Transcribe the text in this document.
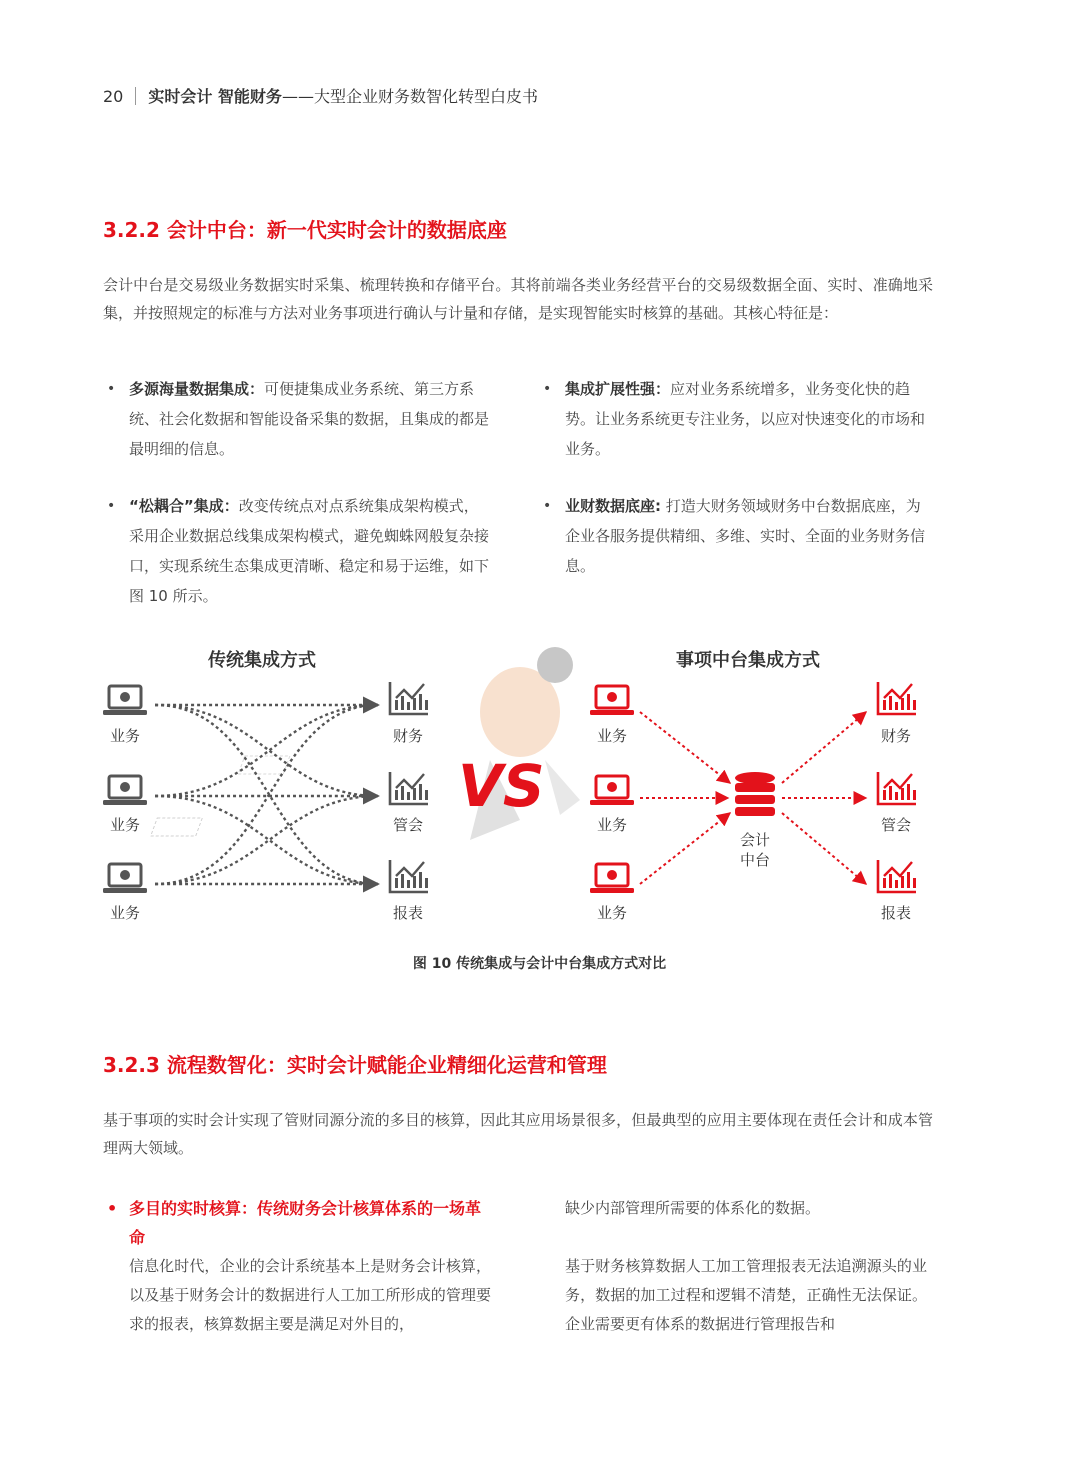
20 实时会计 智能财务——大型企业财务数智化转型白皮书
3.2.2 会计中台：新一代实时会计的数据底座
会计中台是交易级业务数据实时采集、梳理转换和存储平台。其将前端各类业务经营平台的交易级数据全面、实时、准确地采集，并按照规定的标准与方法对业务事项进行确认与计量和存储，是实现智能实时核算的基础。其核心特征是：
• 多源海量数据集成：可便捷集成业务系统、第三方系统、社会化数据和智能设备采集的数据，且集成的都是最明细的信息。
• “松耦合”集成：改变传统点对点系统集成架构模式，采用企业数据总线集成架构模式，避免蜘蛛网般复杂接口，实现系统生态集成更清晰、稳定和易于运维，如下图 10 所示。
• 集成扩展性强：应对业务系统增多，业务变化快的趋势。让业务系统更专注业务，以应对快速变化的市场和业务。
• 业财数据底座: 打造大财务领域财务中台数据底座，为企业各服务提供精细、多维、实时、全面的业务财务信息。
传统集成方式	事项中台集成方式
VS
业务
业务
业务
财务
管会
报表
业务
业务
业务
财务
管会
报表
会计
中台
图 10 传统集成与会计中台集成方式对比
3.2.3 流程数智化：实时会计赋能企业精细化运营和管理
基于事项的实时会计实现了管财同源分流的多目的核算，因此其应用场景很多，但最典型的应用主要体现在责任会计和成本管理两大领域。
• 多目的实时核算：传统财务会计核算体系的一场革命
信息化时代，企业的会计系统基本上是财务会计核算，以及基于财务会计的数据进行人工加工所形成的管理要求的报表，核算数据主要是满足对外目的，
缺少内部管理所需要的体系化的数据。
基于财务核算数据人工加工管理报表无法追溯源头的业务，数据的加工过程和逻辑不清楚，正确性无法保证。企业需要更有体系的数据进行管理报告和
